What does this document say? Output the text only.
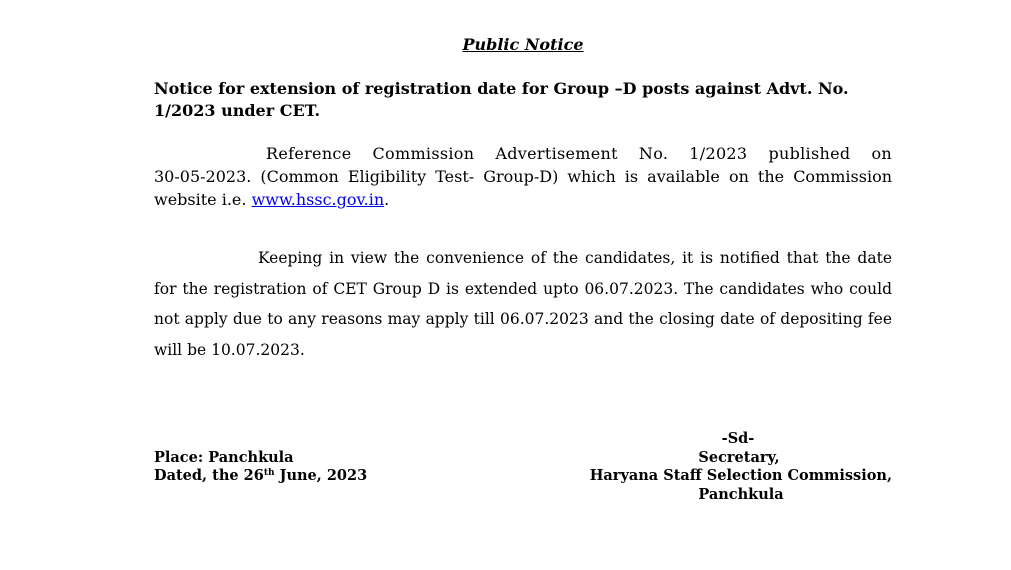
Public Notice
Notice for extension of registration date for Group –D posts against Advt. No. 1/2023 under CET.
Reference Commission Advertisement No. 1/2023 published on
30-05-2023. (Common Eligibility Test- Group-D) which is available on the Commission website i.e. www.hssc.gov.in.
Keeping in view the convenience of the candidates, it is notified that the date for the registration of CET Group D is extended upto 06.07.2023. The candidates who could not apply due to any reasons may apply till 06.07.2023 and the closing date of depositing fee will be 10.07.2023.
Place: Panchkula
Dated, the 26th June, 2023
-Sd-
Secretary,
Haryana Staff Selection Commission,
Panchkula
